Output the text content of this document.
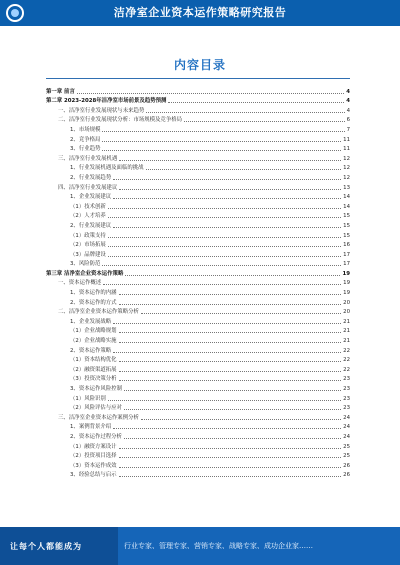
洁净室企业资本运作策略研究报告
内容目录
第一章 前言	4
第二章 2023-2028年洁净室市场前景及趋势预测	4
一、洁净室行业发展现状与未来趋势	4
二、洁净室行业发展现状分析：市场规模及竞争格局	6
1、市场规模	7
2、竞争格局	11
3、行业趋势	11
三、洁净室行业发展机遇	12
1、行业发展机遇及面临的挑战	12
2、行业发展趋势	12
四、洁净室行业发展建议	13
1、企业发展建议	14
（1）技术创新	14
（2）人才培养	15
2、行业发展建议	15
（1）政策支持	15
（2）市场拓展	16
（3）品牌建设	17
3、风险防范	17
第三章 洁净室企业资本运作策略	19
一、资本运作概述	19
1、资本运作的内涵	19
2、资本运作的方式	20
二、洁净室企业资本运作策略分析	20
1、企业发展战略	21
（1）企业战略规划	21
（2）企业战略实施	21
2、资本运作策略	22
（1）资本结构优化	22
（2）融资渠道拓展	22
（3）投资决策分析	23
3、资本运作风险控制	23
（1）风险识别	23
（2）风险评估与应对	23
三、洁净室企业资本运作案例分析	24
1、案例背景介绍	24
2、资本运作过程分析	24
（1）融资方案设计	25
（2）投资项目选择	25
（3）资本运作成效	26
3、经验总结与启示	26
让每个人都能成为	行业专家、管理专家、营销专家、战略专家、成功企业家……
